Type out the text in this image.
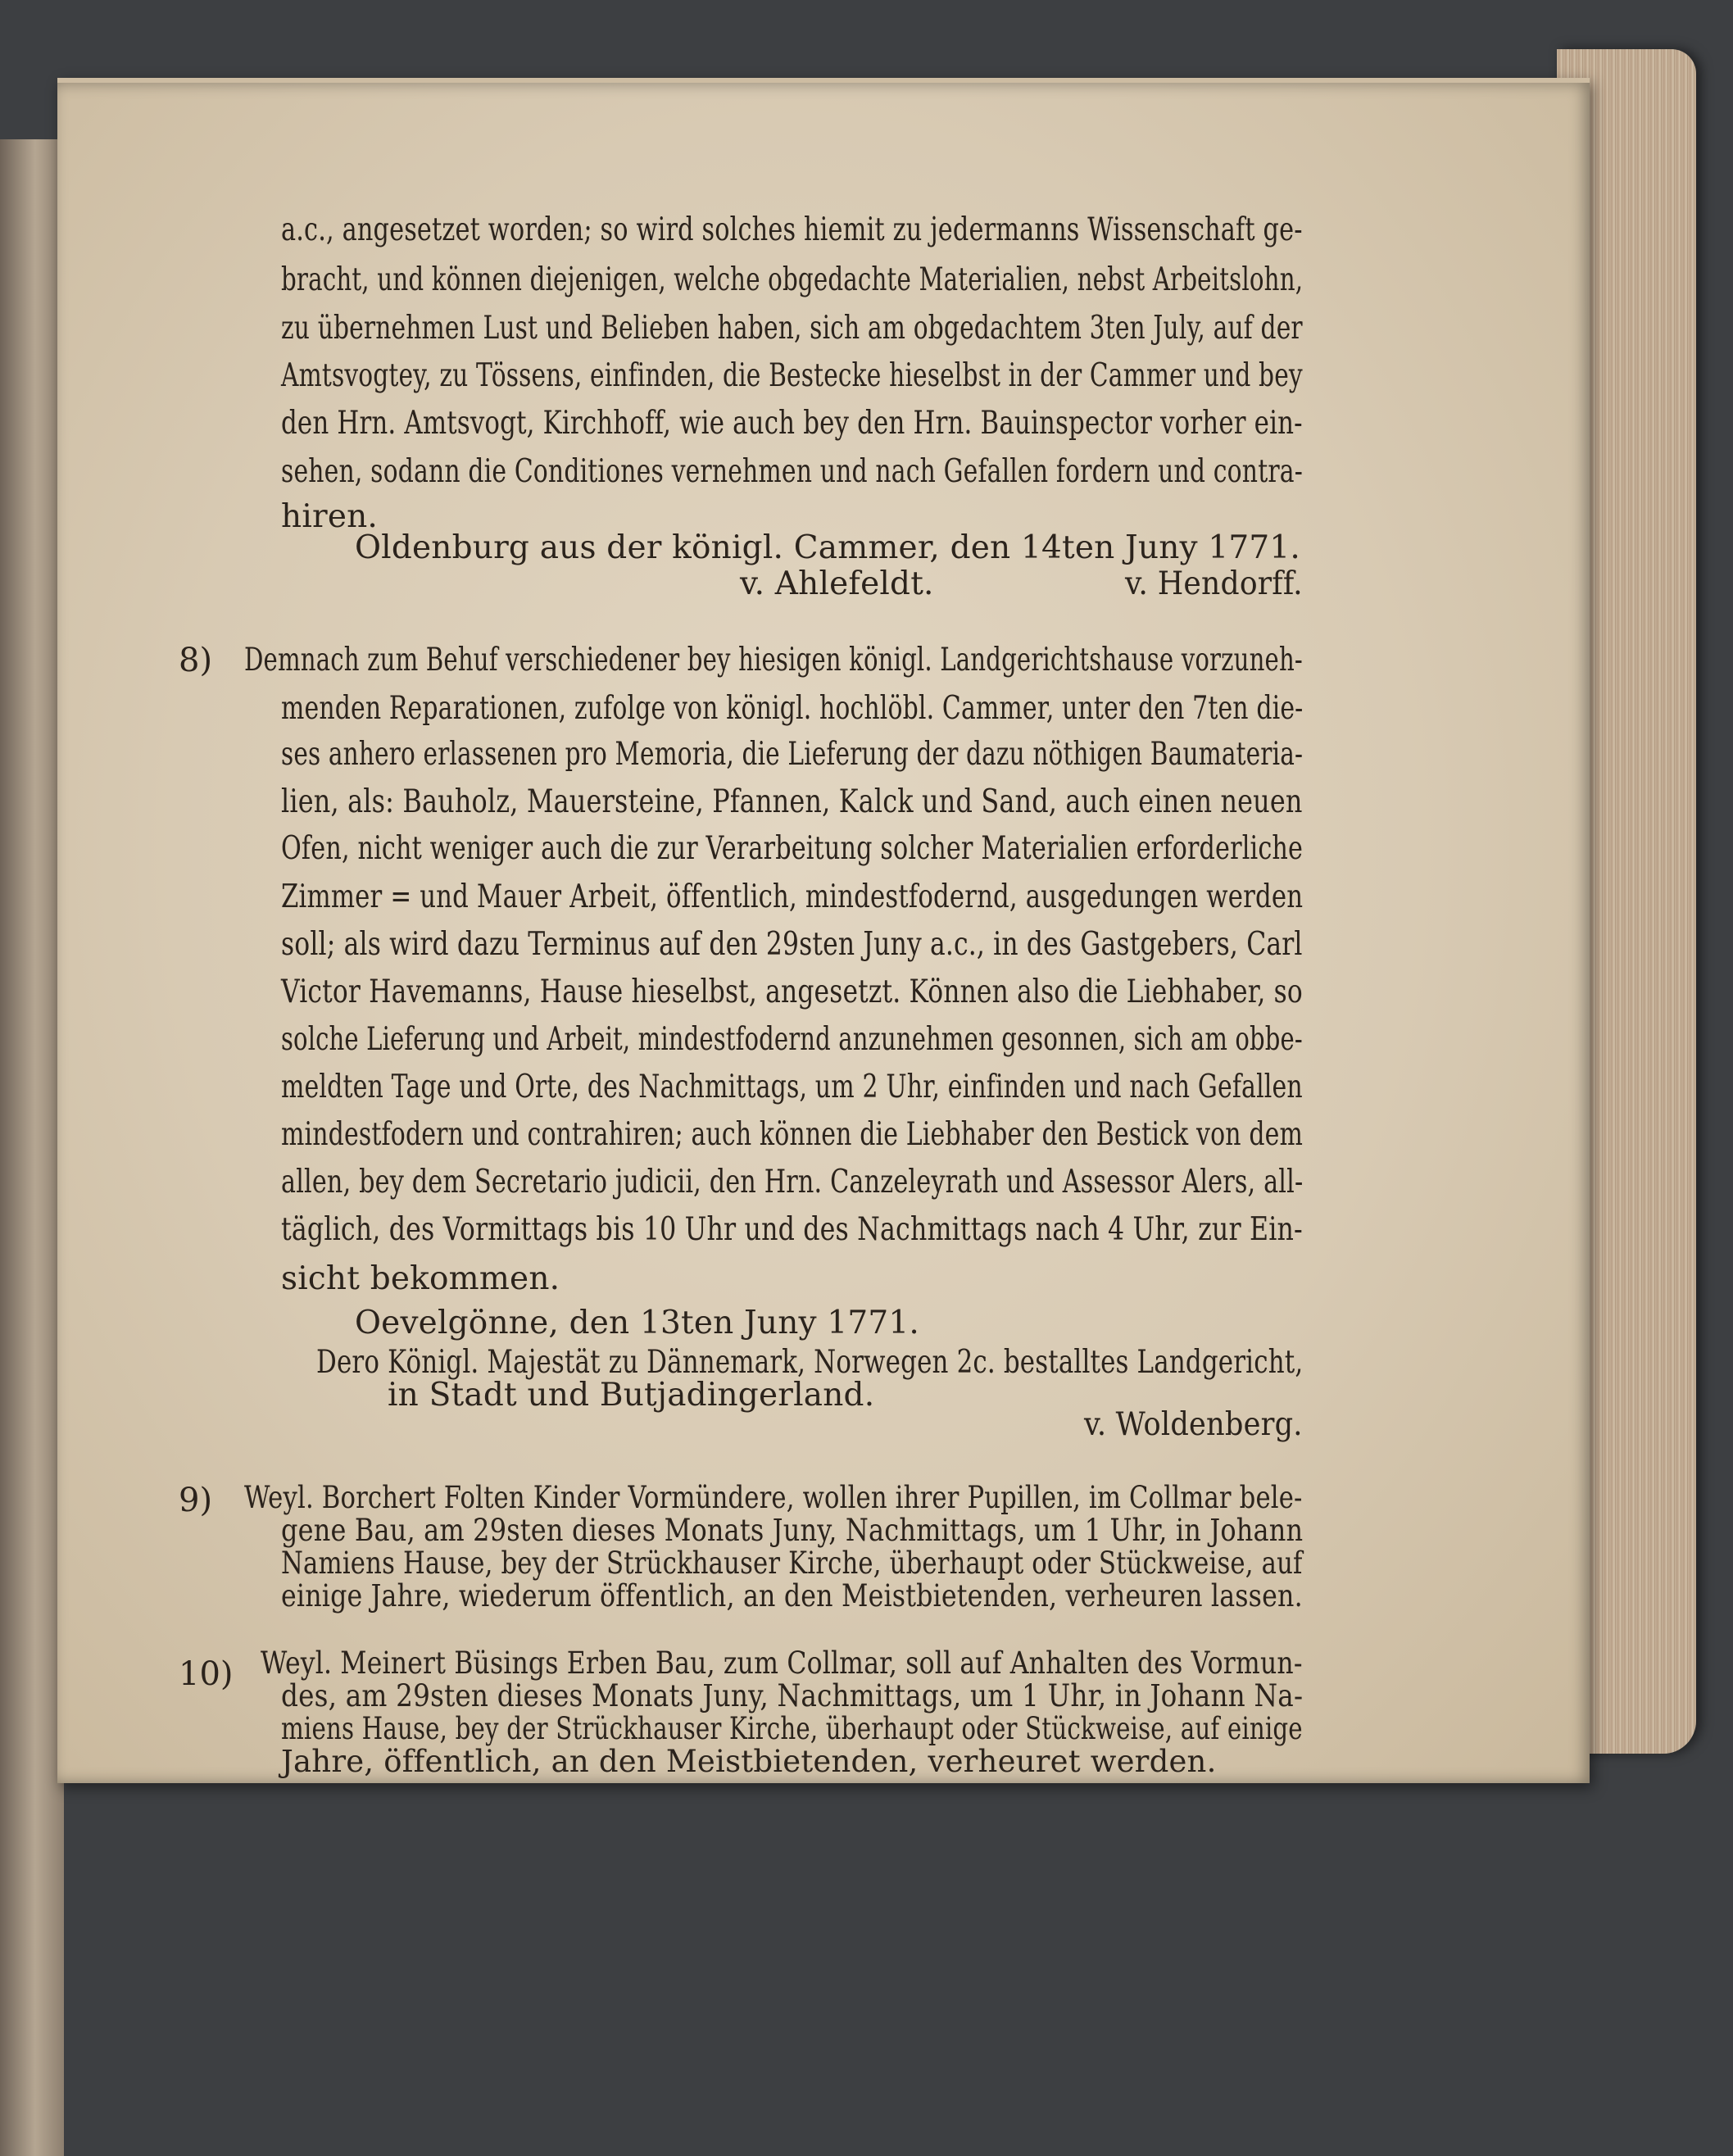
a.c., angesetzet worden; so wird solches hiemit zu jedermanns Wissenschaft ge-
bracht, und können diejenigen, welche obgedachte Materialien, nebst Arbeitslohn,
zu übernehmen Lust und Belieben haben, sich am obgedachtem 3ten July, auf der
Amtsvogtey, zu Tössens, einfinden, die Bestecke hieselbst in der Cammer und bey
den Hrn. Amtsvogt, Kirchhoff, wie auch bey den Hrn. Bauinspector vorher ein-
sehen, sodann die Conditiones vernehmen und nach Gefallen fordern und contra-
hiren.
Oldenburg aus der königl. Cammer, den 14ten Juny 1771.
v. Ahlefeldt.	v. Hendorff.
8) Demnach zum Behuf verschiedener bey hiesigen königl. Landgerichtshause vorzuneh-
menden Reparationen, zufolge von königl. hochlöbl. Cammer, unter den 7ten die-
ses anhero erlassenen pro Memoria, die Lieferung der dazu nöthigen Baumateria-
lien, als: Bauholz, Mauersteine, Pfannen, Kalck und Sand, auch einen neuen
Ofen, nicht weniger auch die zur Verarbeitung solcher Materialien erforderliche
Zimmer = und Mauer Arbeit, öffentlich, mindestfodernd, ausgedungen werden
soll; als wird dazu Terminus auf den 29sten Juny a.c., in des Gastgebers, Carl
Victor Havemanns, Hause hieselbst, angesetzt. Können also die Liebhaber, so
solche Lieferung und Arbeit, mindestfodernd anzunehmen gesonnen, sich am obbe-
meldten Tage und Orte, des Nachmittags, um 2 Uhr, einfinden und nach Gefallen
mindestfodern und contrahiren; auch können die Liebhaber den Bestick von dem
allen, bey dem Secretario judicii, den Hrn. Canzeleyrath und Assessor Alers, all-
täglich, des Vormittags bis 10 Uhr und des Nachmittags nach 4 Uhr, zur Ein-
sicht bekommen.
Oevelgönne, den 13ten Juny 1771.
Dero Königl. Majestät zu Dännemark, Norwegen 2c. bestalltes Landgericht,
in Stadt und Butjadingerland.
v. Woldenberg.
9) Weyl. Borchert Folten Kinder Vormündere, wollen ihrer Pupillen, im Collmar bele-
gene Bau, am 29sten dieses Monats Juny, Nachmittags, um 1 Uhr, in Johann
Namiens Hause, bey der Strückhauser Kirche, überhaupt oder Stückweise, auf
einige Jahre, wiederum öffentlich, an den Meistbietenden, verheuren lassen.
10) Weyl. Meinert Büsings Erben Bau, zum Collmar, soll auf Anhalten des Vormun-
des, am 29sten dieses Monats Juny, Nachmittags, um 1 Uhr, in Johann Na-
miens Hause, bey der Strückhauser Kirche, überhaupt oder Stückweise, auf einige
Jahre, öffentlich, an den Meistbietenden, verheuret werden.
